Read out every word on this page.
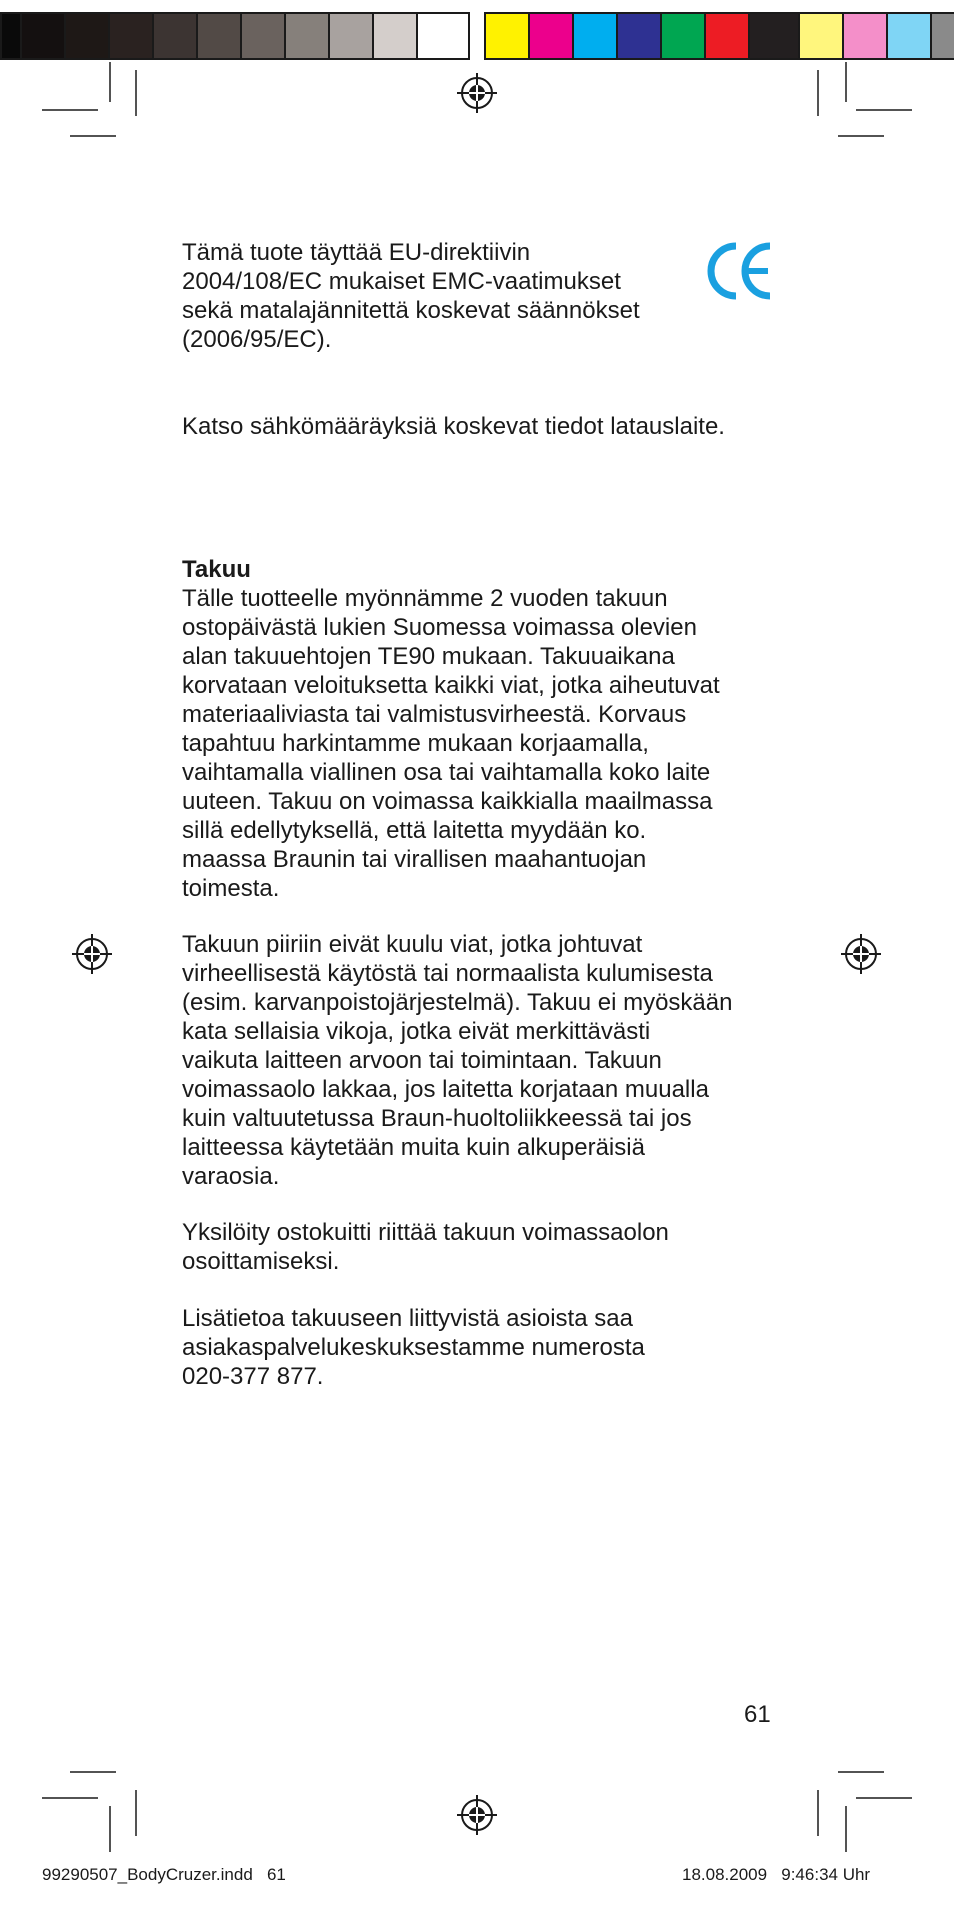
Tämä tuote täyttää EU-direktiivin
2004/108/EC mukaiset EMC-vaatimukset
sekä matalajännitettä koskevat säännökset
(2006/95/EC).

Katso sähkömääräyksiä koskevat tiedot latauslaite.

Takuu

Tälle tuotteelle myönnämme 2 vuoden takuun
ostopäivästä lukien Suomessa voimassa olevien
alan takuuehtojen TE90 mukaan. Takuuaikana
korvataan veloituksetta kaikki viat, jotka aiheutuvat
materiaaliviasta tai valmistusvirheestä. Korvaus
tapahtuu harkintamme mukaan korjaamalla,
vaihtamalla viallinen osa tai vaihtamalla koko laite
uuteen. Takuu on voimassa kaikkialla maailmassa
sillä edellytyksellä, että laitetta myydään ko.
maassa Braunin tai virallisen maahantuojan
toimesta.

Takuun piiriin eivät kuulu viat, jotka johtuvat
virheellisestä käytöstä tai normaalista kulumisesta
(esim. karvanpoistojärjestelmä). Takuu ei myöskään
kata sellaisia vikoja, jotka eivät merkittävästi
vaikuta laitteen arvoon tai toimintaan. Takuun
voimassaolo lakkaa, jos laitetta korjataan muualla
kuin valtuutetussa Braun-huoltoliikkeessä tai jos
laitteessa käytetään muita kuin alkuperäisiä
varaosia.

Yksilöity ostokuitti riittää takuun voimassaolon
osoittamiseksi.

Lisätietoa takuuseen liittyvistä asioista saa
asiakaspalvelukeskuksestamme numerosta
020-377 877.

61
99290507_BodyCruzer.indd   61	18.08.2009   9:46:34 Uhr
